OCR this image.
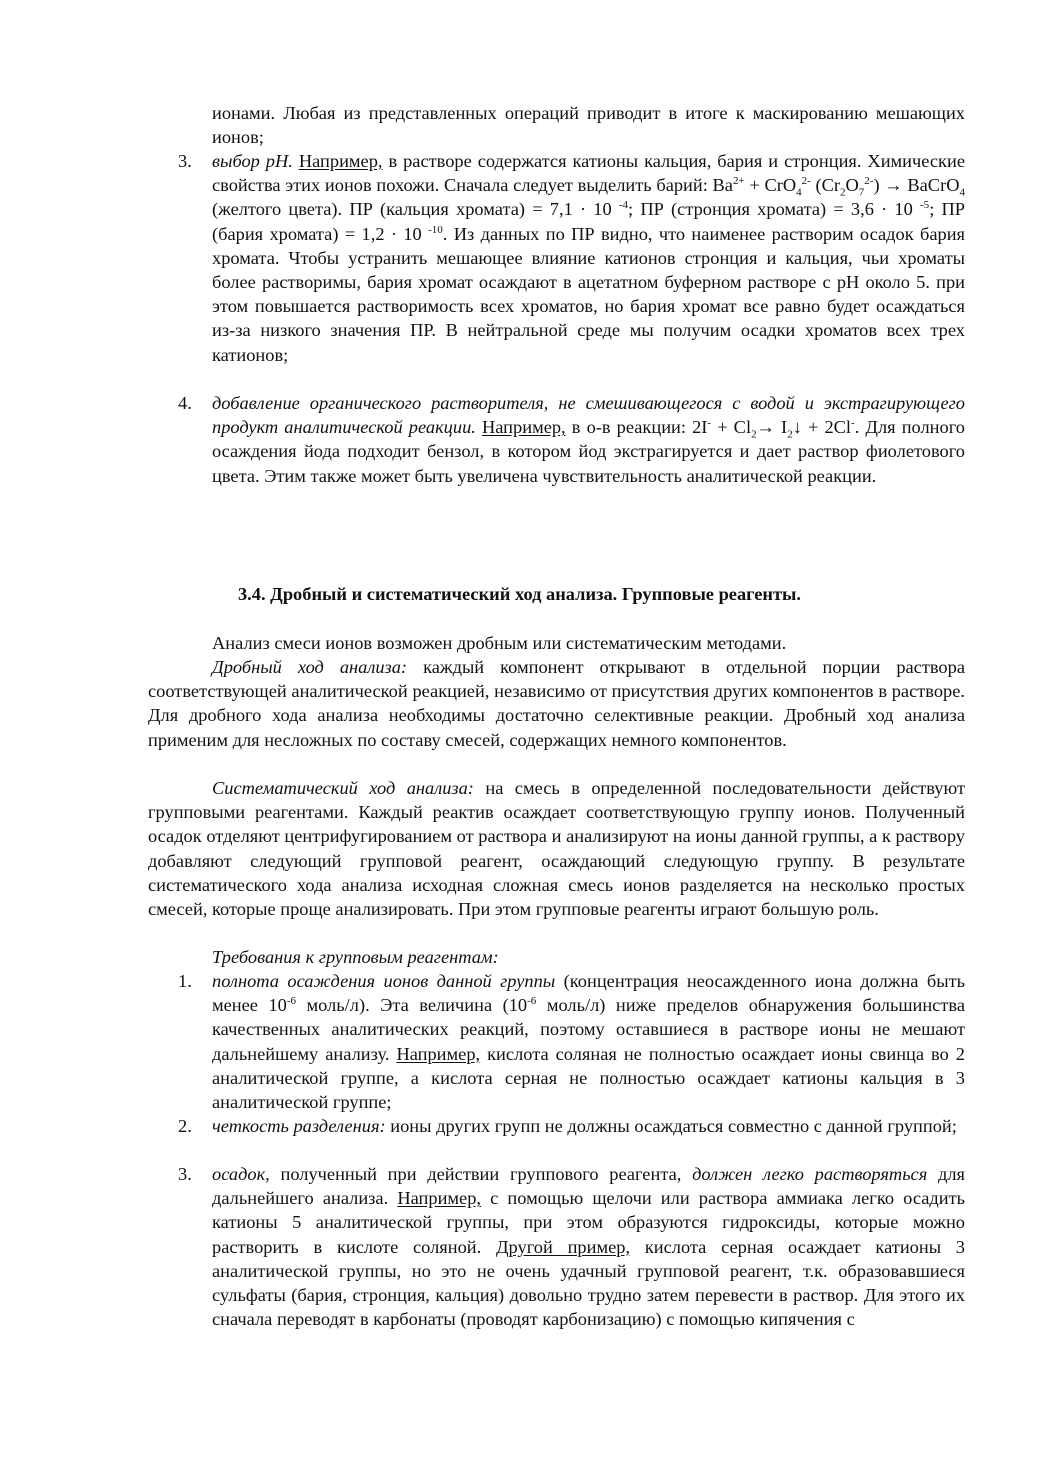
ионами. Любая из представленных операций приводит в итоге к маскированию мешающих ионов;

3. выбор рН. Например, в растворе содержатся катионы кальция, бария и стронция. Химические свойства этих ионов похожи. Сначала следует выделить барий: $Ва^{2+} + CrO_4^{2-}$ $(Cr_2O_7^{2-})$ → BaCrO$_4$ (желтого цвета). ПР (кальция хромата) = 7,1 · 10 $^{-4}$; ПР (стронция хромата) = 3,6 · 10 $^{-5}$; ПР (бария хромата) = 1,2 · 10 $^{-10}$. Из данных по ПР видно, что наименее растворим осадок бария хромата. Чтобы устранить мешающее влияние катионов стронция и кальция, чьи хроматы более растворимы, бария хромат осаждают в ацетатном буферном растворе с рН около 5. при этом повышается растворимость всех хроматов, но бария хромат все равно будет осаждаться из-за низкого значения ПР. В нейтральной среде мы получим осадки хроматов всех трех катионов;

4. добавление органического растворителя, не смешивающегося с водой и экстрагирующего продукт аналитической реакции. Например, в о-в реакции: $2I^- + Cl_2\to$ $I_2↓ + 2Cl^-$. Для полного осаждения йода подходит бензол, в котором йод экстрагируется и дает раствор фиолетового цвета. Этим также может быть увеличена чувствительность аналитической реакции.

3.4. Дробный и систематический ход анализа. Групповые реагенты.

Анализ смеси ионов возможен дробным или систематическим методами.

Дробный ход анализа: каждый компонент открывают в отдельной порции раствора соответствующей аналитической реакцией, независимо от присутствия других компонентов в растворе. Для дробного хода анализа необходимы достаточно селективные реакции. Дробный ход анализа применим для несложных по составу смесей, содержащих немного компонентов.

Систематический ход анализа: на смесь в определенной последовательности действуют групповыми реагентами. Каждый реактив осаждает соответствующую группу ионов. Полученный осадок отделяют центрифугированием от раствора и анализируют на ионы данной группы, а к раствору добавляют следующий групповой реагент, осаждающий следующую группу. В результате систематического хода анализа исходная сложная смесь ионов разделяется на несколько простых смесей, которые проще анализировать. При этом групповые реагенты играют большую роль.

Требования к групповым реагентам:

1. полнота осаждения ионов данной группы (концентрация неосажденного иона должна быть менее $10^{-6}$ моль/л). Эта величина ($10^{-6}$ моль/л) ниже пределов обнаружения большинства качественных аналитических реакций, поэтому оставшиеся в растворе ионы не мешают дальнейшему анализу. Например, кислота соляная не полностью осаждает ионы свинца во 2 аналитической группе, а кислота серная не полностью осаждает катионы кальция в 3 аналитической группе;

2. четкость разделения: ионы других групп не должны осаждаться совместно с данной группой;

3. осадок, полученный при действии группового реагента, должен легко растворяться для дальнейшего анализа. Например, с помощью щелочи или раствора аммиака легко осадить катионы 5 аналитической группы, при этом образуются гидроксиды, которые можно растворить в кислоте соляной. Другой пример, кислота серная осаждает катионы 3 аналитической группы, но это не очень удачный групповой реагент, т.к. образовавшиеся сульфаты (бария, стронция, кальция) довольно трудно затем перевести в раствор. Для этого их сначала переводят в карбонаты (проводят карбонизацию) с помощью кипячения с
